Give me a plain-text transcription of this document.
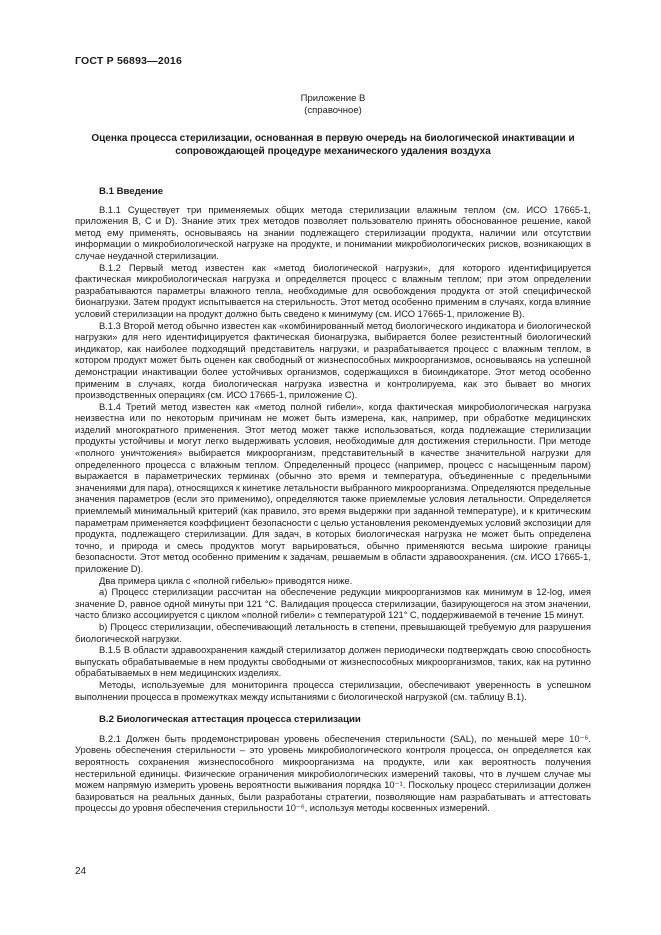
ГОСТ Р 56893—2016
Приложение В
(справочное)
Оценка процесса стерилизации, основанная в первую очередь на биологической инактивации и сопровождающей процедуре механического удаления воздуха
В.1 Введение

В.1.1 Существует три применяемых общих метода стерилизации влажным теплом (см. ИСО 17665-1, приложения В, С и D). Знание этих трех методов позволяет пользователю принять обоснованное решение, какой метод ему применять, основываясь на знании подлежащего стерилизации продукта, наличии или отсутствии информации о микробиологической нагрузке на продукте, и понимании микробиологических рисков, возникающих в случае неудачной стерилизации.

В.1.2 Первый метод известен как «метод биологической нагрузки», для которого идентифицируется фактическая микробиологическая нагрузка и определяется процесс с влажным теплом; при этом определении разрабатываются параметры влажного тепла, необходимые для освобождения продукта от этой специфической бионагрузки. Затем продукт испытывается на стерильность. Этот метод особенно применим в случаях, когда влияние условий стерилизации на продукт должно быть сведено к минимуму (см. ИСО 17665-1, приложение В).

В.1.3 Второй метод обычно известен как «комбинированный метод биологического индикатора и биологической нагрузки» для него идентифицируется фактическая бионагрузка, выбирается более резистентный биологический индикатор, как наиболее подходящий представитель нагрузки, и разрабатывается процесс с влажным теплом, в котором продукт может быть оценен как свободный от жизнеспособных микроорганизмов, основываясь на успешной демонстрации инактивации более устойчивых организмов, содержащихся в биоиндикаторе. Этот метод особенно применим в случаях, когда биологическая нагрузка известна и контролируема, как это бывает во многих производственных операциях (см. ИСО 17665-1, приложение С).

В.1.4 Третий метод известен как «метод полной гибели», когда фактическая микробиологическая нагрузка неизвестна или по некоторым причинам не может быть измерена, как, например, при обработке медицинских изделий многократного применения. Этот метод может также использоваться, когда подлежащие стерилизации продукты устойчивы и могут легко выдерживать условия, необходимые для достижения стерильности. При методе «полного уничтожения» выбирается микроорганизм, представительный в качестве значительной нагрузки для определенного процесса с влажным теплом. Определенный процесс (например, процесс с насыщенным паром) выражается в параметрических терминах (обычно это время и температура, объединенные с предельными значениями для пара), относящихся к кинетике летальности выбранного микроорганизма. Определяются предельные значения параметров (если это применимо), определяются также приемлемые условия летальности. Определяется приемлемый минимальный критерий (как правило, это время выдержки при заданной температуре), и к критическим параметрам применяется коэффициент безопасности с целью установления рекомендуемых условий экспозиции для продукта, подлежащего стерилизации. Для задач, в которых биологическая нагрузка не может быть определена точно, и природа и смесь продуктов могут варьироваться, обычно применяются весьма широкие границы безопасности. Этот метод особенно применим к задачам, решаемым в области здравоохранения. (см. ИСО 17665-1, приложение D).

Два примера цикла с «полной гибелью» приводятся ниже.

a) Процесс стерилизации рассчитан на обеспечение редукции микроорганизмов как минимум в 12-log, имея значение D, равное одной минуты при 121 °С. Валидация процесса стерилизации, базирующегося на этом значении, часто близко ассоциируется с циклом «полной гибели» с температурой 121° С, поддерживаемой в течение 15 минут.

b) Процесс стерилизации, обеспечивающий летальность в степени, превышающей требуемую для разрушения биологической нагрузки.

В.1.5 В области здравоохранения каждый стерилизатор должен периодически подтверждать свою способность выпускать обрабатываемые в нем продукты свободными от жизнеспособных микроорганизмов, таких, как на рутинно обрабатываемых в нем медицинских изделиях.

Методы, используемые для мониторинга процесса стерилизации, обеспечивают уверенность в успешном выполнении процесса в промежутках между испытаниями с биологической нагрузкой (см. таблицу В.1).

В.2 Биологическая аттестация процесса стерилизации

В.2.1 Должен быть продемонстрирован уровень обеспечения стерильности (SAL), по меньшей мере 10⁻⁶. Уровень обеспечения стерильности – это уровень микробиологического контроля процесса, он определяется как вероятность сохранения жизнеспособного микроорганизма на продукте, или как вероятность получения нестерильной единицы. Физические ограничения микробиологических измерений таковы, что в лучшем случае мы можем напрямую измерить уровень вероятности выживания порядка 10⁻¹. Поскольку процесс стерилизации должен базироваться на реальных данных, были разработаны стратегии, позволяющие нам разрабатывать и аттестовать процессы до уровня обеспечения стерильности 10⁻⁶, используя методы косвенных измерений.

24
